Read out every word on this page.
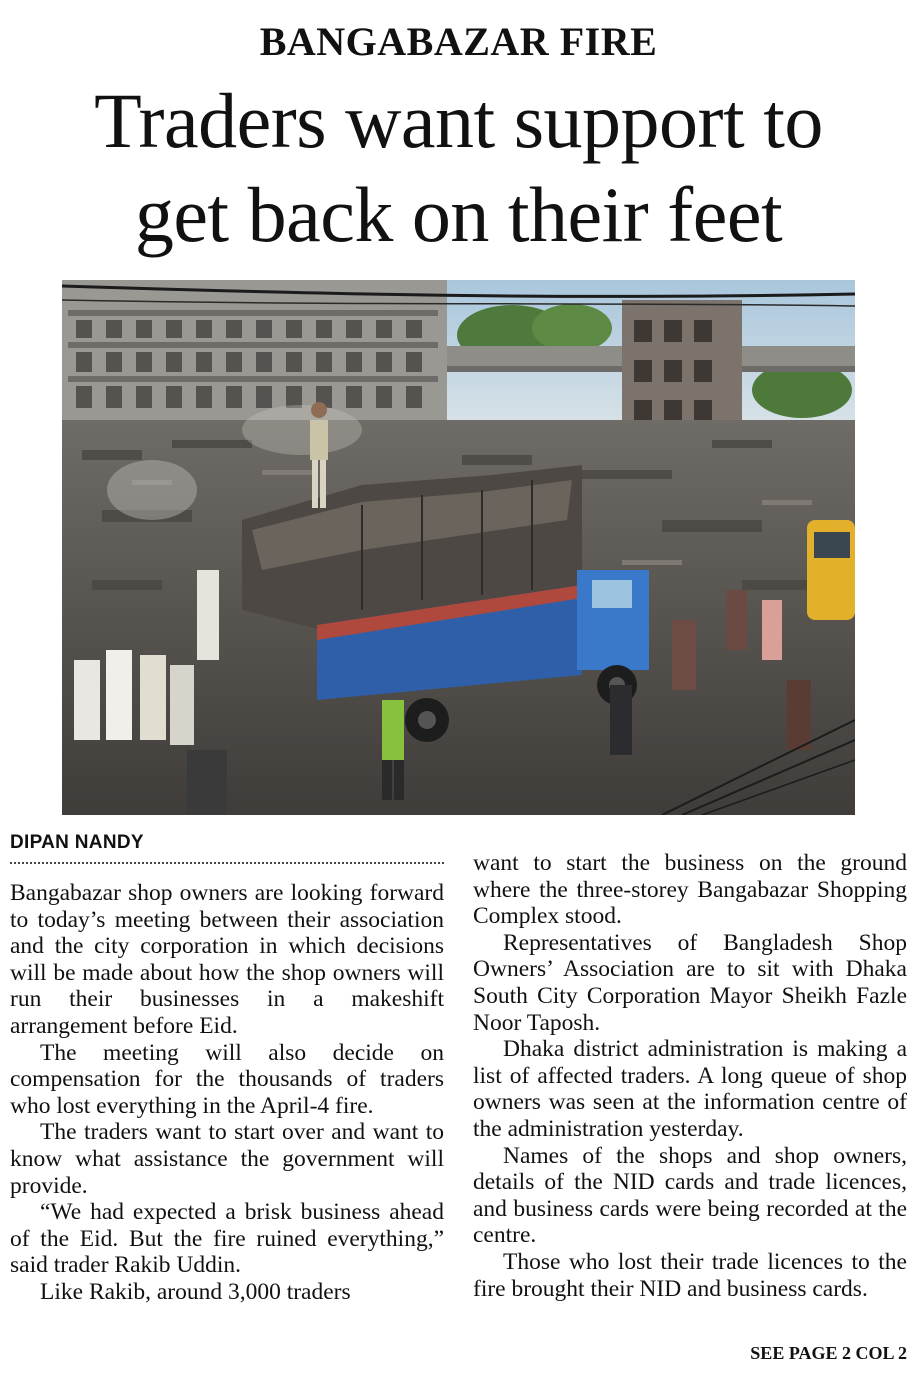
BANGABAZAR FIRE
Traders want support to
get back on their feet
DIPAN NANDY

Bangabazar shop owners are looking forward to today’s meeting between their association and the city corporation in which decisions will be made about how the shop owners will run their businesses in a makeshift arrangement before Eid.

The meeting will also decide on compensation for the thousands of traders who lost everything in the April-4 fire.

The traders want to start over and want to know what assistance the government will provide.

“We had expected a brisk business ahead of the Eid. But the fire ruined everything,” said trader Rakib Uddin.

Like Rakib, around 3,000 traders

want to start the business on the ground where the three-storey Bangabazar Shopping Complex stood.

Representatives of Bangladesh Shop Owners’ Association are to sit with Dhaka South City Corporation Mayor Sheikh Fazle Noor Taposh.

Dhaka district administration is making a list of affected traders. A long queue of shop owners was seen at the information centre of the administration yesterday.

Names of the shops and shop owners, details of the NID cards and trade licences, and business cards were being recorded at the centre.

Those who lost their trade licences to the fire brought their NID and business cards.

SEE PAGE 2 COL 2
